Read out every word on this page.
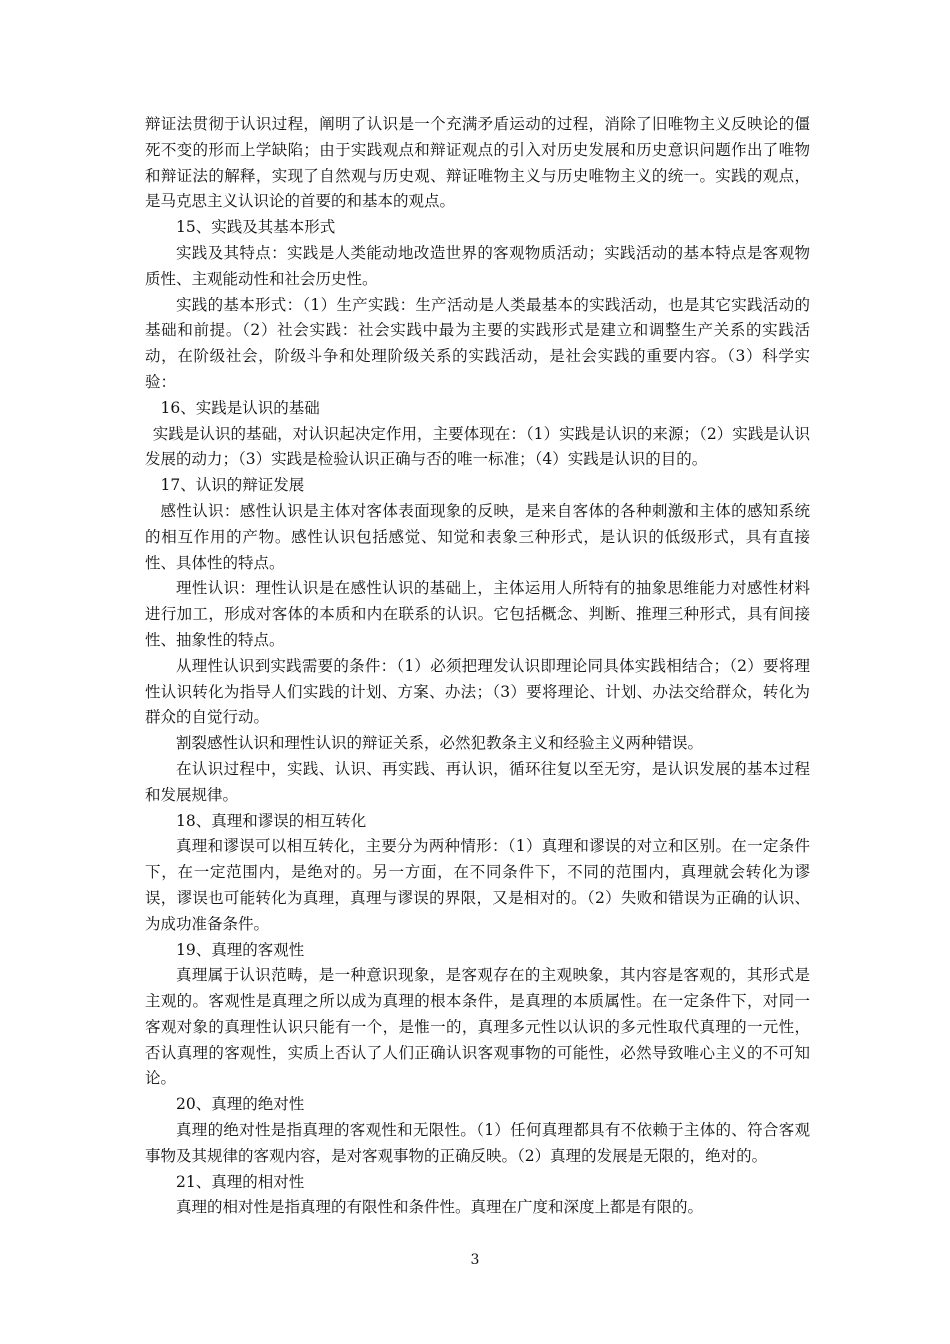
辩证法贯彻于认识过程，阐明了认识是一个充满矛盾运动的过程，消除了旧唯物主义反映论的僵死不变的形而上学缺陷；由于实践观点和辩证观点的引入对历史发展和历史意识问题作出了唯物和辩证法的解释，实现了自然观与历史观、辩证唯物主义与历史唯物主义的统一。实践的观点，是马克思主义认识论的首要的和基本的观点。

15、实践及其基本形式

实践及其特点：实践是人类能动地改造世界的客观物质活动；实践活动的基本特点是客观物质性、主观能动性和社会历史性。

实践的基本形式：（1）生产实践：生产活动是人类最基本的实践活动，也是其它实践活动的基础和前提。（2）社会实践：社会实践中最为主要的实践形式是建立和调整生产关系的实践活动，在阶级社会，阶级斗争和处理阶级关系的实践活动，是社会实践的重要内容。（3）科学实验：

16、实践是认识的基础

实践是认识的基础，对认识起决定作用，主要体现在：（1）实践是认识的来源；（2）实践是认识发展的动力；（3）实践是检验认识正确与否的唯一标准；（4）实践是认识的目的。

17、认识的辩证发展

感性认识：感性认识是主体对客体表面现象的反映，是来自客体的各种刺激和主体的感知系统的相互作用的产物。感性认识包括感觉、知觉和表象三种形式，是认识的低级形式，具有直接性、具体性的特点。

理性认识：理性认识是在感性认识的基础上，主体运用人所特有的抽象思维能力对感性材料进行加工，形成对客体的本质和内在联系的认识。它包括概念、判断、推理三种形式，具有间接性、抽象性的特点。

从理性认识到实践需要的条件：（1）必须把理发认识即理论同具体实践相结合；（2）要将理性认识转化为指导人们实践的计划、方案、办法；（3）要将理论、计划、办法交给群众，转化为群众的自觉行动。

割裂感性认识和理性认识的辩证关系，必然犯教条主义和经验主义两种错误。

在认识过程中，实践、认识、再实践、再认识，循环往复以至无穷，是认识发展的基本过程和发展规律。

18、真理和谬误的相互转化

真理和谬误可以相互转化，主要分为两种情形：（1）真理和谬误的对立和区别。在一定条件下，在一定范围内，是绝对的。另一方面，在不同条件下，不同的范围内，真理就会转化为谬误，谬误也可能转化为真理，真理与谬误的界限，又是相对的。（2）失败和错误为正确的认识、为成功准备条件。

19、真理的客观性

真理属于认识范畴，是一种意识现象，是客观存在的主观映象，其内容是客观的，其形式是主观的。客观性是真理之所以成为真理的根本条件，是真理的本质属性。在一定条件下，对同一客观对象的真理性认识只能有一个，是惟一的，真理多元性以认识的多元性取代真理的一元性，否认真理的客观性，实质上否认了人们正确认识客观事物的可能性，必然导致唯心主义的不可知论。

20、真理的绝对性

真理的绝对性是指真理的客观性和无限性。（1）任何真理都具有不依赖于主体的、符合客观事物及其规律的客观内容，是对客观事物的正确反映。（2）真理的发展是无限的，绝对的。

21、真理的相对性

真理的相对性是指真理的有限性和条件性。真理在广度和深度上都是有限的。

3
